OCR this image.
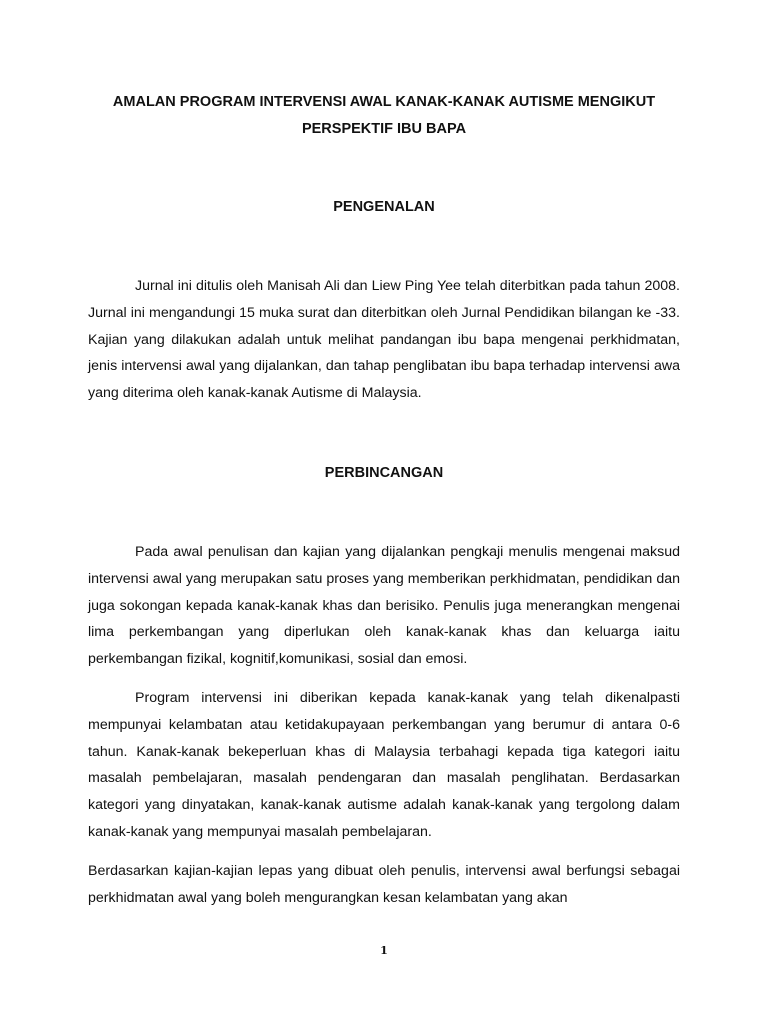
AMALAN PROGRAM INTERVENSI AWAL KANAK-KANAK AUTISME MENGIKUT PERSPEKTIF IBU BAPA
PENGENALAN

Jurnal ini ditulis oleh Manisah Ali dan Liew Ping Yee telah diterbitkan pada tahun 2008. Jurnal ini mengandungi 15 muka surat dan diterbitkan oleh Jurnal Pendidikan bilangan ke -33. Kajian yang dilakukan adalah untuk melihat pandangan ibu bapa mengenai perkhidmatan, jenis intervensi awal yang dijalankan, dan tahap penglibatan ibu bapa terhadap intervensi awa yang diterima oleh kanak-kanak Autisme di Malaysia.

PERBINCANGAN

Pada awal penulisan dan kajian yang dijalankan pengkaji menulis mengenai maksud intervensi awal yang merupakan satu proses yang memberikan perkhidmatan, pendidikan dan juga sokongan kepada kanak-kanak khas dan berisiko. Penulis juga menerangkan mengenai lima perkembangan yang diperlukan oleh kanak-kanak khas dan keluarga iaitu perkembangan fizikal, kognitif,komunikasi, sosial dan emosi.

Program intervensi ini diberikan kepada kanak-kanak yang telah dikenalpasti mempunyai kelambatan atau ketidakupayaan perkembangan yang berumur di antara 0-6 tahun. Kanak-kanak bekeperluan khas di Malaysia terbahagi kepada tiga kategori iaitu masalah pembelajaran, masalah pendengaran dan masalah penglihatan. Berdasarkan kategori yang dinyatakan, kanak-kanak autisme adalah kanak-kanak yang tergolong dalam kanak-kanak yang mempunyai masalah pembelajaran.

Berdasarkan kajian-kajian lepas yang dibuat oleh penulis, intervensi awal berfungsi sebagai perkhidmatan awal yang boleh mengurangkan kesan kelambatan yang akan

1
